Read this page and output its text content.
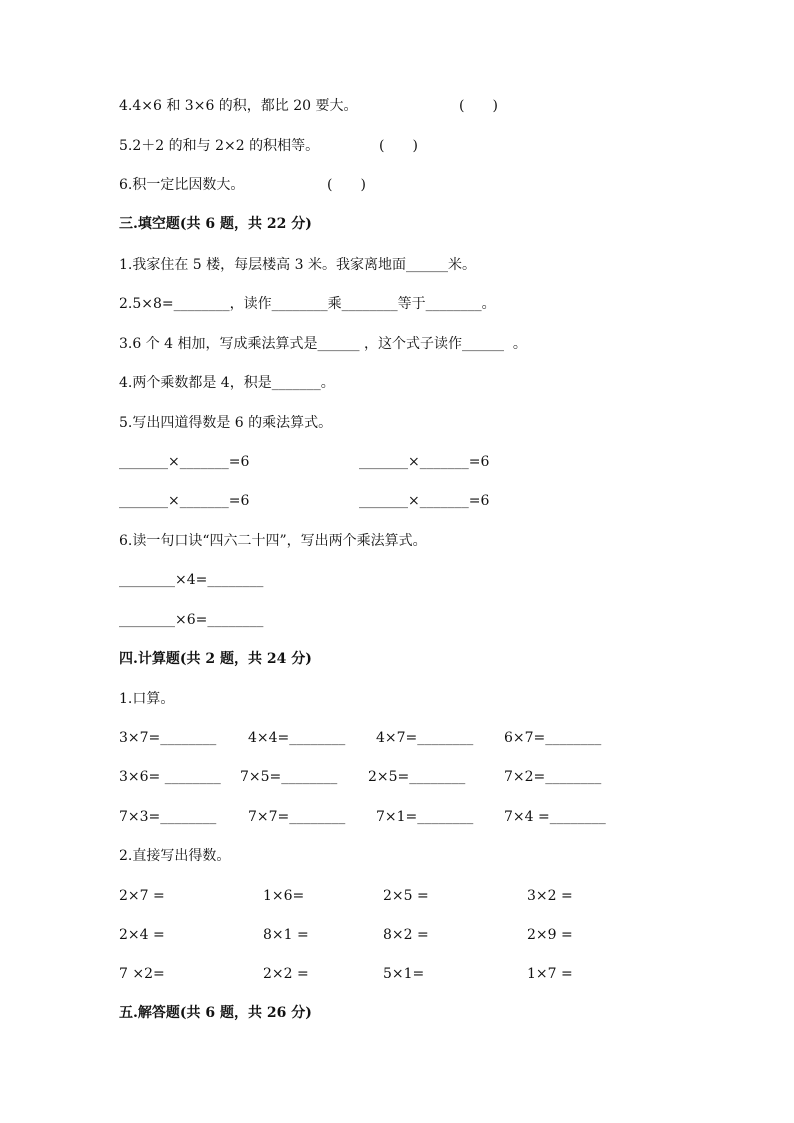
4.4×6 和 3×6 的积，都比 20 要大。	(　　)
5.2＋2 的和与 2×2 的积相等。	(　　)
6.积一定比因数大。	(　　)
三.填空题(共 6 题，共 22 分)
1.我家住在 5 楼，每层楼高 3 米。我家离地面______米。
2.5×8=________，读作________乘________等于________。
3.6 个 4 相加，写成乘法算式是______ ，这个式子读作______  。
4.两个乘数都是 4，积是_______。
5.写出四道得数是 6 的乘法算式。
_______×_______=6	_______×_______=6
_______×_______=6	_______×_______=6
6.读一句口诀“四六二十四”，写出两个乘法算式。
________×4=________
________×6=________
四.计算题(共 2 题，共 24 分)
1.口算。
3×7=________ 4×4=________ 4×7=________ 6×7=________
3×6= ________ 7×5=________ 2×5=________	7×2=________
7×3=________ 7×7=________ 7×1=________ 7×4 =________
2.直接写出得数。
2×7 =	1×6=	2×5 =	3×2 =
2×4 =	8×1 =	8×2 =	2×9 =
7 ×2=	2×2 =	5×1=	1×7 =
五.解答题(共 6 题，共 26 分)
